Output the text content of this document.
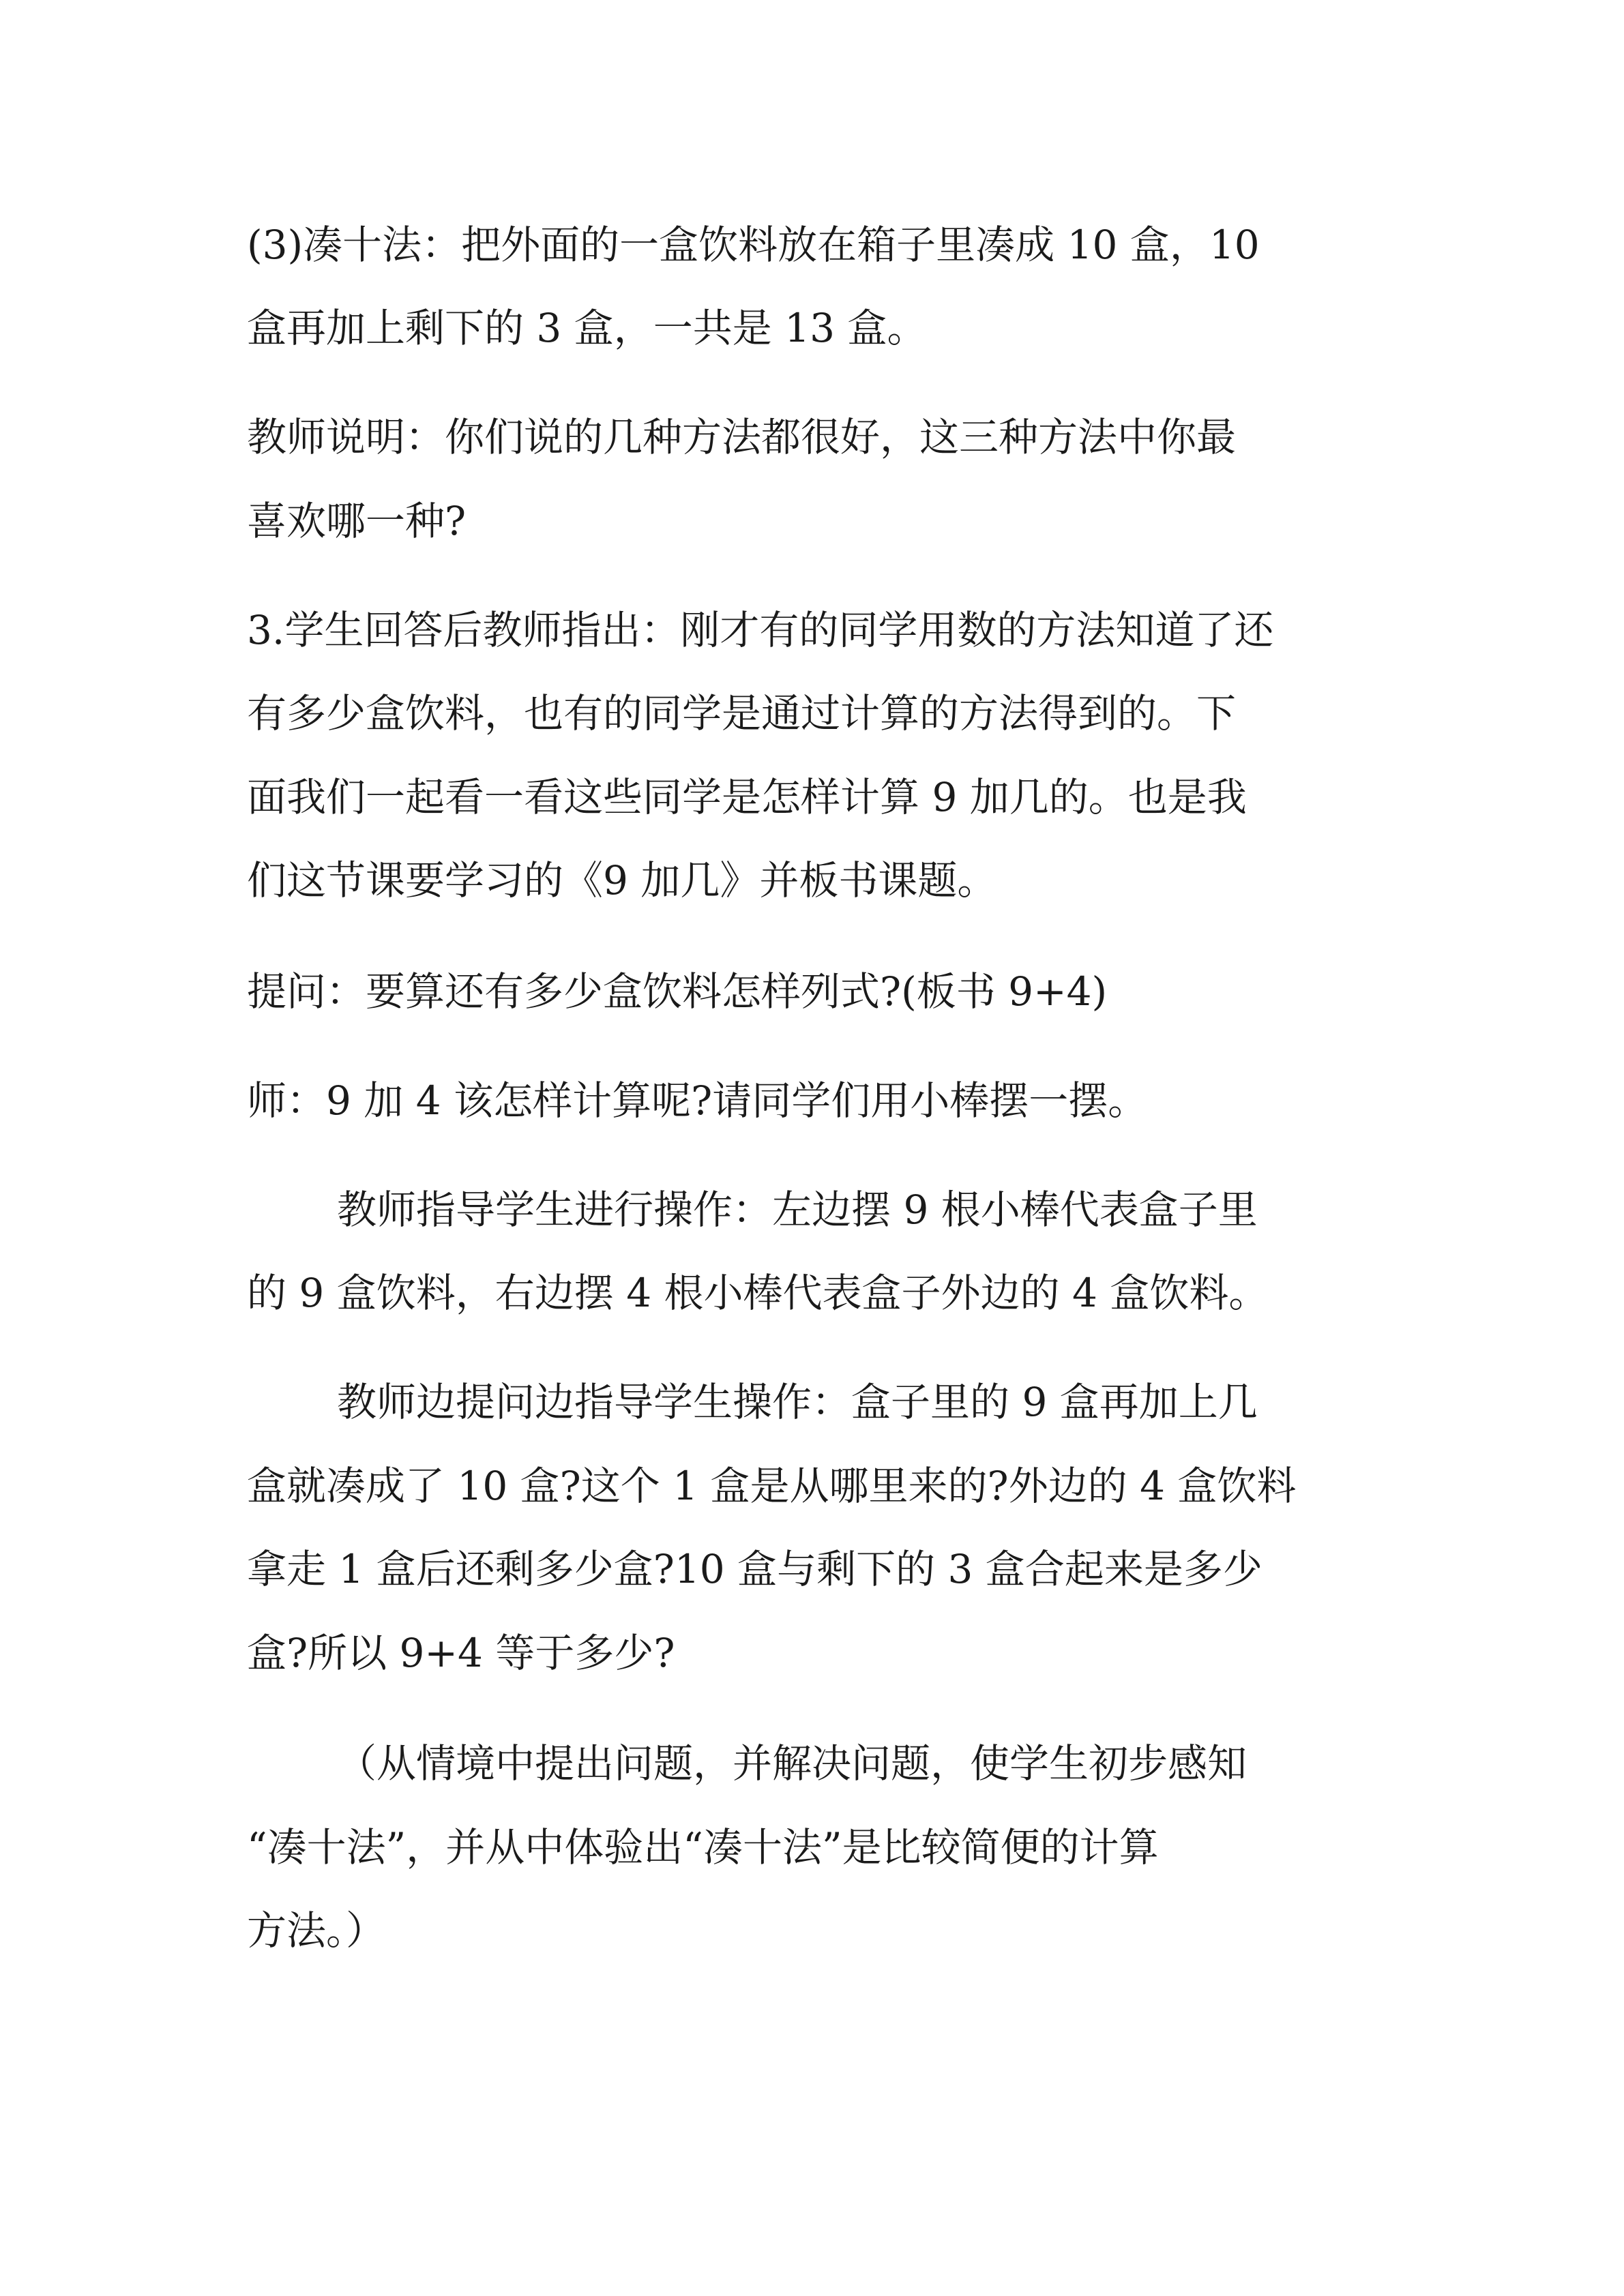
(3)凑十法：把外面的一盒饮料放在箱子里凑成 10 盒，10
盒再加上剩下的 3 盒，一共是 13 盒。
教师说明：你们说的几种方法都很好，这三种方法中你最
喜欢哪一种?
3.学生回答后教师指出：刚才有的同学用数的方法知道了还
有多少盒饮料，也有的同学是通过计算的方法得到的。下
面我们一起看一看这些同学是怎样计算 9 加几的。也是我
们这节课要学习的《9 加几》并板书课题。
提问：要算还有多少盒饮料怎样列式?(板书 9+4)
师：9 加 4 该怎样计算呢?请同学们用小棒摆一摆。
教师指导学生进行操作：左边摆 9 根小棒代表盒子里
的 9 盒饮料，右边摆 4 根小棒代表盒子外边的 4 盒饮料。
教师边提问边指导学生操作：盒子里的 9 盒再加上几
盒就凑成了 10 盒?这个 1 盒是从哪里来的?外边的 4 盒饮料
拿走 1 盒后还剩多少盒?10 盒与剩下的 3 盒合起来是多少
盒?所以 9+4 等于多少?
（从情境中提出问题，并解决问题，使学生初步感知
“凑十法”，并从中体验出“凑十法”是比较简便的计算
方法。）
